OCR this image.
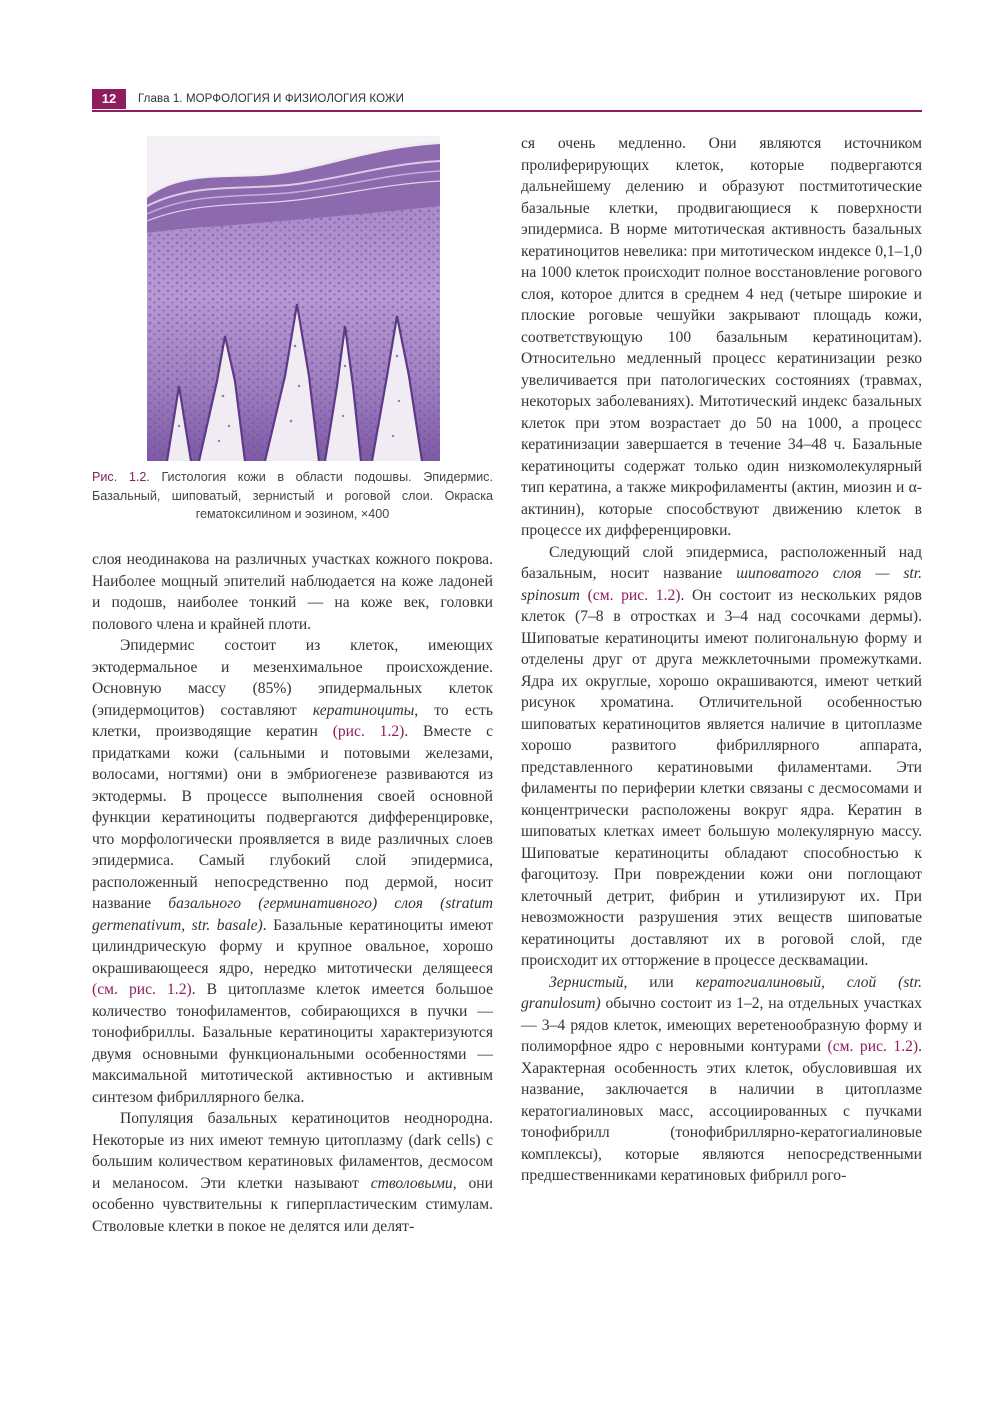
12	Глава 1. МОРФОЛОГИЯ И ФИЗИОЛОГИЯ КОЖИ
Рис. 1.2. Гистология кожи в области подошвы. Эпидермис. Базальный, шиповатый, зернистый и роговой слои. Окраска гематоксилином и эозином, ×400

слоя неодинакова на различных участках кожного покрова. Наиболее мощный эпителий наблюдается на коже ладоней и подошв, наиболее тонкий — на коже век, головки полового члена и крайней плоти.

Эпидермис состоит из клеток, имеющих эктодермальное и мезенхимальное происхождение. Основную массу (85%) эпидермальных клеток (эпидермоцитов) составляют кератиноциты, то есть клетки, производящие кератин (рис. 1.2). Вместе с придатками кожи (сальными и потовыми железами, волосами, ногтями) они в эмбриогенезе развиваются из эктодермы. В процессе выполнения своей основной функции кератиноциты подвергаются дифференцировке, что морфологически проявляется в виде различных слоев эпидермиса. Самый глубокий слой эпидермиса, расположенный непосредственно под дермой, носит название базального (герминативного) слоя (stratum germenativum, str. basale). Базальные кератиноциты имеют цилиндрическую форму и крупное овальное, хорошо окрашивающееся ядро, нередко митотически делящееся (см. рис. 1.2). В цитоплазме клеток имеется большое количество тонофиламентов, собирающихся в пучки — тонофибриллы. Базальные кератиноциты характеризуются двумя основными функциональными особенностями — максимальной митотической активностью и активным синтезом фибриллярного белка.

Популяция базальных кератиноцитов неоднородна. Некоторые из них имеют темную цитоплазму (dark cells) с большим количеством кератиновых филаментов, десмосом и меланосом. Эти клетки называют стволовыми, они особенно чувствительны к гиперпластическим стимулам. Стволовые клетки в покое не делятся или делят-

ся очень медленно. Они являются источником пролиферирующих клеток, которые подвергаются дальнейшему делению и образуют постмитотические базальные клетки, продвигающиеся к поверхности эпидермиса. В норме митотическая активность базальных кератиноцитов невелика: при митотическом индексе 0,1–1,0 на 1000 клеток происходит полное восстановление рогового слоя, которое длится в среднем 4 нед (четыре широкие и плоские роговые чешуйки закрывают площадь кожи, соответствующую 100 базальным кератиноцитам). Относительно медленный процесс кератинизации резко увеличивается при патологических состояниях (травмах, некоторых заболеваниях). Митотический индекс базальных клеток при этом возрастает до 50 на 1000, а процесс кератинизации завершается в течение 34–48 ч. Базальные кератиноциты содержат только один низкомолекулярный тип кератина, а также микрофиламенты (актин, миозин и α-актинин), которые способствуют движению клеток в процессе их дифференцировки.

Следующий слой эпидермиса, расположенный над базальным, носит название шиповатого слоя — str. spinosum (см. рис. 1.2). Он состоит из нескольких рядов клеток (7–8 в отростках и 3–4 над сосочками дермы). Шиповатые кератиноциты имеют полигональную форму и отделены друг от друга межклеточными промежутками. Ядра их округлые, хорошо окрашиваются, имеют четкий рисунок хроматина. Отличительной особенностью шиповатых кератиноцитов является наличие в цитоплазме хорошо развитого фибриллярного аппарата, представленного кератиновыми филаментами. Эти филаменты по периферии клетки связаны с десмосомами и концентрически расположены вокруг ядра. Кератин в шиповатых клетках имеет большую молекулярную массу. Шиповатые кератиноциты обладают способностью к фагоцитозу. При повреждении кожи они поглощают клеточный детрит, фибрин и утилизируют их. При невозможности разрушения этих веществ шиповатые кератиноциты доставляют их в роговой слой, где происходит их отторжение в процессе десквамации.

Зернистый, или кератогиалиновый, слой (str. granulosum) обычно состоит из 1–2, на отдельных участках — 3–4 рядов клеток, имеющих веретенообразную форму и полиморфное ядро с неровными контурами (см. рис. 1.2). Характерная особенность этих клеток, обусловившая их название, заключается в наличии в цитоплазме кератогиалиновых масс, ассоциированных с пучками тонофибрилл (тонофибриллярно-кератогиалиновые комплексы), которые являются непосредственными предшественниками кератиновых фибрилл рого-
